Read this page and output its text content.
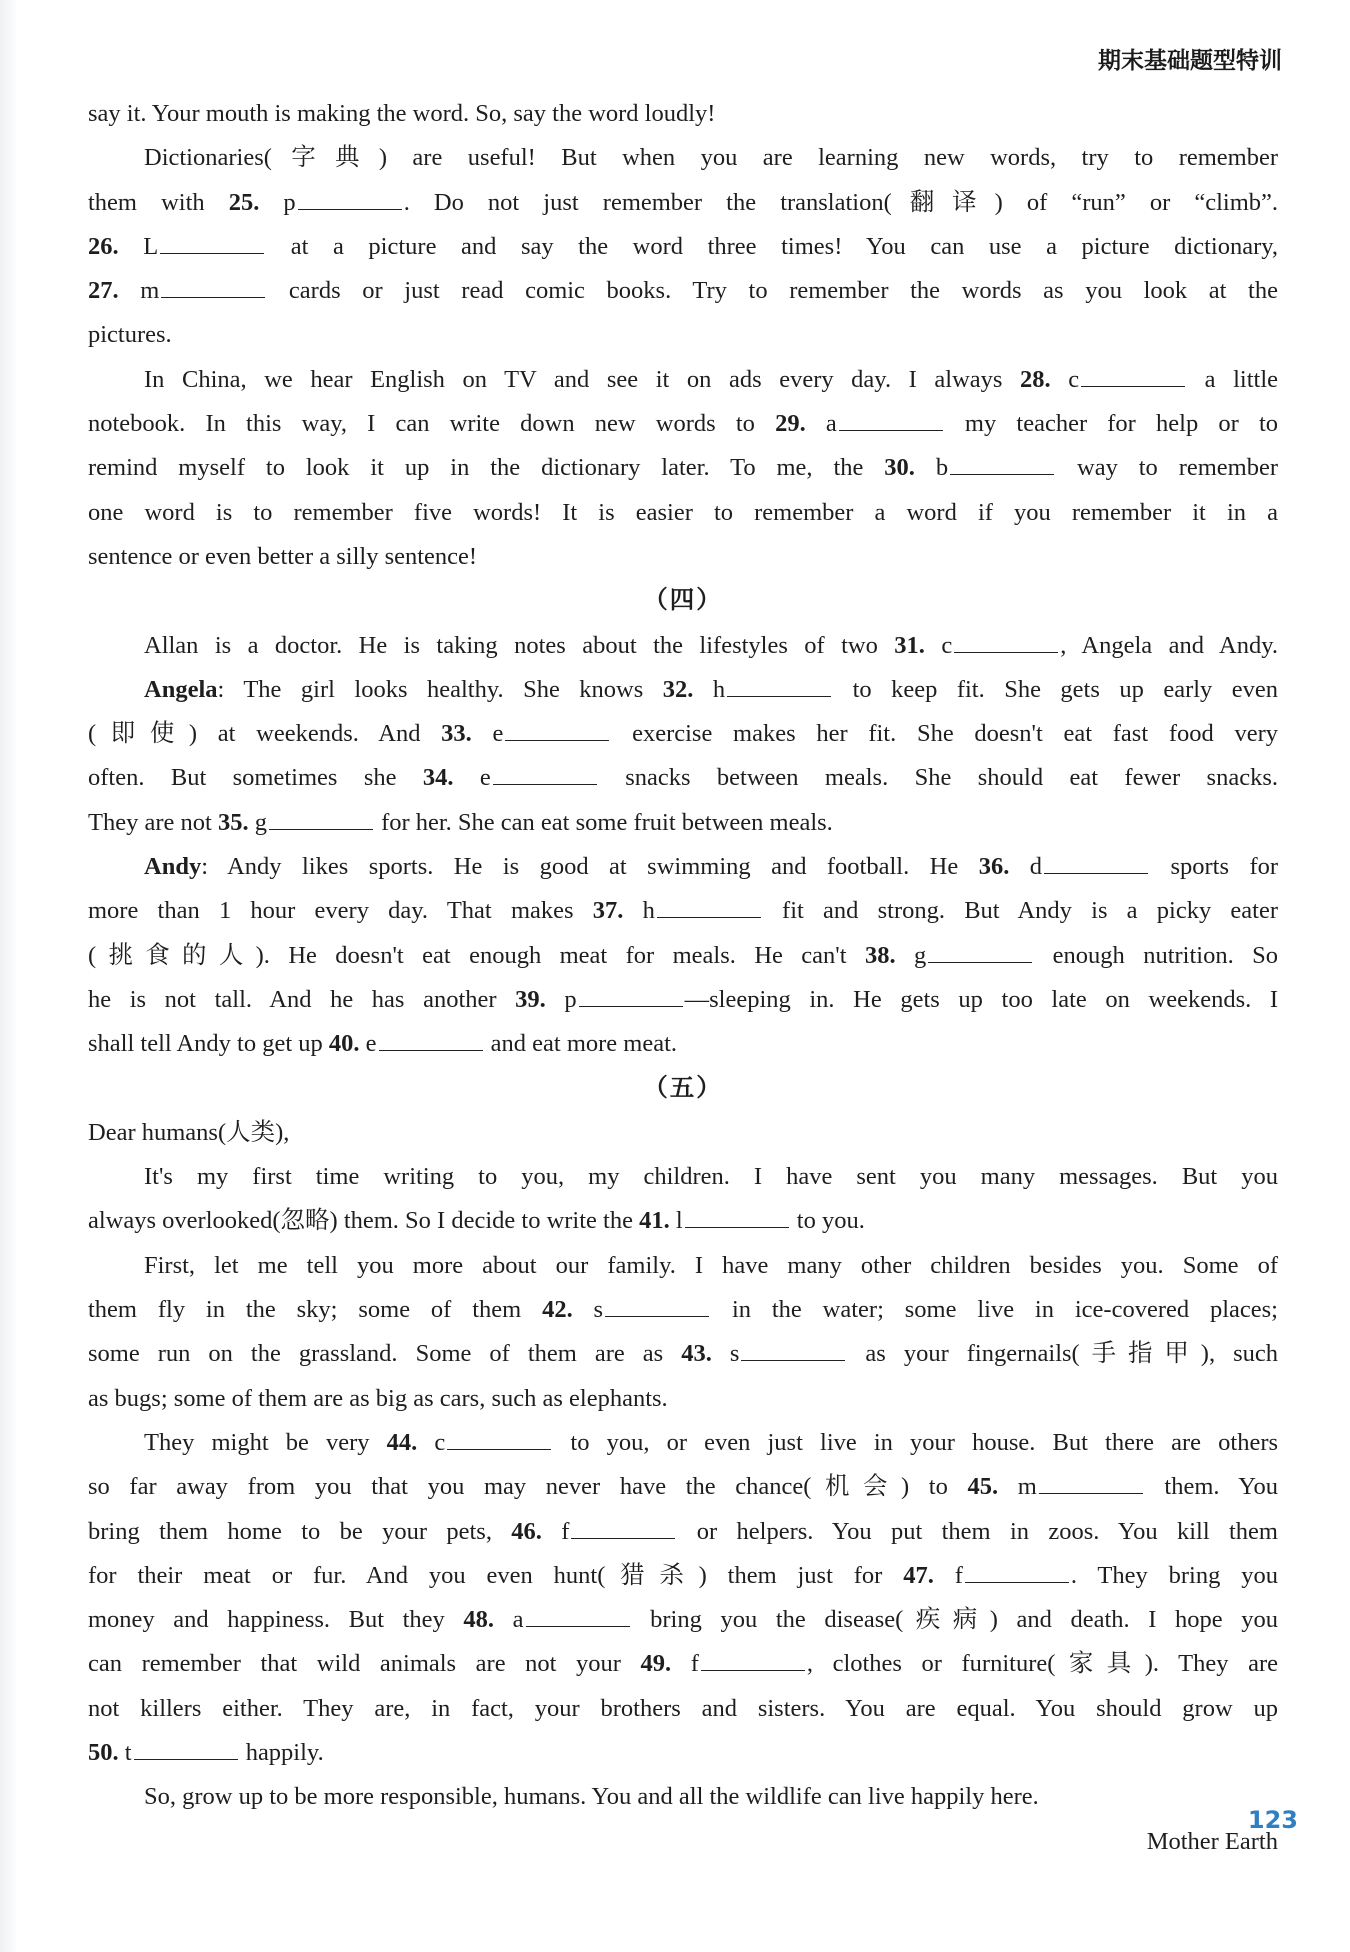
期末基础题型特训
say it. Your mouth is making the word. So, say the word loudly!
Dictionaries(字典) are useful! But when you are learning new words, try to remember
them with 25. p	. Do not just remember the translation(翻译) of “run” or “climb”.
26. L	at a picture and say the word three times! You can use a picture dictionary,
27. m	cards or just read comic books. Try to remember the words as you look at the
pictures.
In China, we hear English on TV and see it on ads every day. I always 28. c	a little
notebook. In this way, I can write down new words to 29. a	my teacher for help or to
remind myself to look it up in the dictionary later. To me, the 30. b	way to remember
one word is to remember five words! It is easier to remember a word if you remember it in a
sentence or even better a silly sentence!
（四）
Allan is a doctor. He is taking notes about the lifestyles of two 31. c	, Angela and Andy.
Angela: The girl looks healthy. She knows 32. h	to keep fit. She gets up early even
(即使) at weekends. And 33. e	exercise makes her fit. She doesn't eat fast food very
often. But sometimes she 34. e	snacks between meals. She should eat fewer snacks.
They are not 35. g	for her. She can eat some fruit between meals.
Andy: Andy likes sports. He is good at swimming and football. He 36. d	sports for
more than 1 hour every day. That makes 37. h	fit and strong. But Andy is a picky eater
(挑食的人). He doesn't eat enough meat for meals. He can't 38. g	enough nutrition. So
he is not tall. And he has another 39. p	—sleeping in. He gets up too late on weekends. I
shall tell Andy to get up 40. e	and eat more meat.
（五）
Dear humans(人类),
It's my first time writing to you, my children. I have sent you many messages. But you
always overlooked(忽略) them. So I decide to write the 41. l	to you.
First, let me tell you more about our family. I have many other children besides you. Some of
them fly in the sky; some of them 42. s	in the water; some live in ice-covered places;
some run on the grassland. Some of them are as 43. s	as your fingernails(手指甲), such
as bugs; some of them are as big as cars, such as elephants.
They might be very 44. c	to you, or even just live in your house. But there are others
so far away from you that you may never have the chance(机会) to 45. m	them. You
bring them home to be your pets, 46. f	or helpers. You put them in zoos. You kill them
for their meat or fur. And you even hunt(猎杀) them just for 47. f	. They bring you
money and happiness. But they 48. a	bring you the disease(疾病) and death. I hope you
can remember that wild animals are not your 49. f	, clothes or furniture(家具). They are
not killers either. They are, in fact, your brothers and sisters. You are equal. You should grow up
50. t	happily.
So, grow up to be more responsible, humans. You and all the wildlife can live happily here.
Mother Earth
123
